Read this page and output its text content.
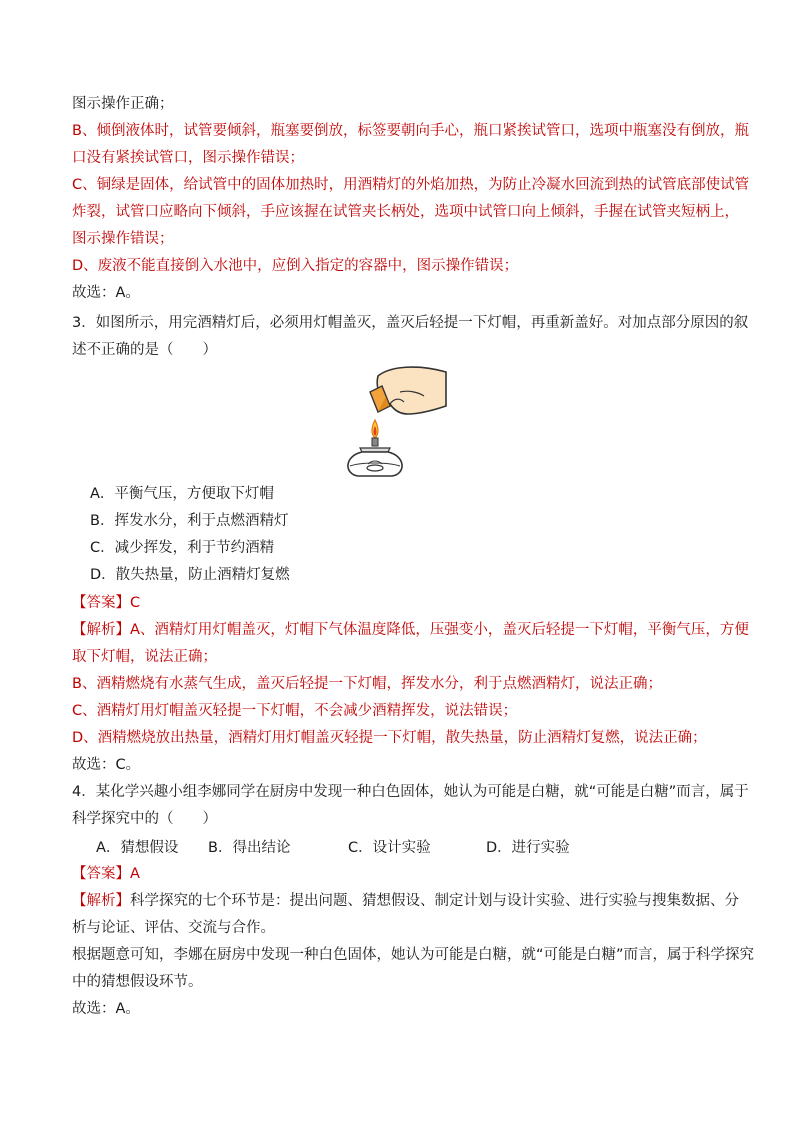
图示操作正确；
B、倾倒液体时，试管要倾斜，瓶塞要倒放，标签要朝向手心，瓶口紧挨试管口，选项中瓶塞没有倒放，瓶
口没有紧挨试管口，图示操作错误；
C、铜绿是固体，给试管中的固体加热时，用酒精灯的外焰加热，为防止冷凝水回流到热的试管底部使试管
炸裂，试管口应略向下倾斜，手应该握在试管夹长柄处，选项中试管口向上倾斜，手握在试管夹短柄上，
图示操作错误；
D、废液不能直接倒入水池中，应倒入指定的容器中，图示操作错误；
故选：A。
3．如图所示，用完酒精灯后，必须用灯帽盖灭，盖灭后轻提一下灯帽，再重新盖好。对加点部分原因的叙
述不正确的是（　　）
A．平衡气压，方便取下灯帽
B．挥发水分，利于点燃酒精灯
C．减少挥发，利于节约酒精
D．散失热量，防止酒精灯复燃
【答案】C
【解析】A、酒精灯用灯帽盖灭，灯帽下气体温度降低，压强变小，盖灭后轻提一下灯帽，平衡气压，方便
取下灯帽，说法正确；
B、酒精燃烧有水蒸气生成，盖灭后轻提一下灯帽，挥发水分，利于点燃酒精灯，说法正确；
C、酒精灯用灯帽盖灭轻提一下灯帽，不会减少酒精挥发，说法错误；
D、酒精燃烧放出热量，酒精灯用灯帽盖灭轻提一下灯帽，散失热量，防止酒精灯复燃，说法正确；
故选：C。
4．某化学兴趣小组李娜同学在厨房中发现一种白色固体，她认为可能是白糖，就“可能是白糖”而言，属于
科学探究中的（　　）
A．猜想假设 B．得出结论	C．设计实验	D．进行实验
【答案】A
【解析】科学探究的七个环节是：提出问题、猜想假设、制定计划与设计实验、进行实验与搜集数据、分
析与论证、评估、交流与合作。
根据题意可知，李娜在厨房中发现一种白色固体，她认为可能是白糖，就“可能是白糖”而言，属于科学探究
中的猜想假设环节。
故选：A。
